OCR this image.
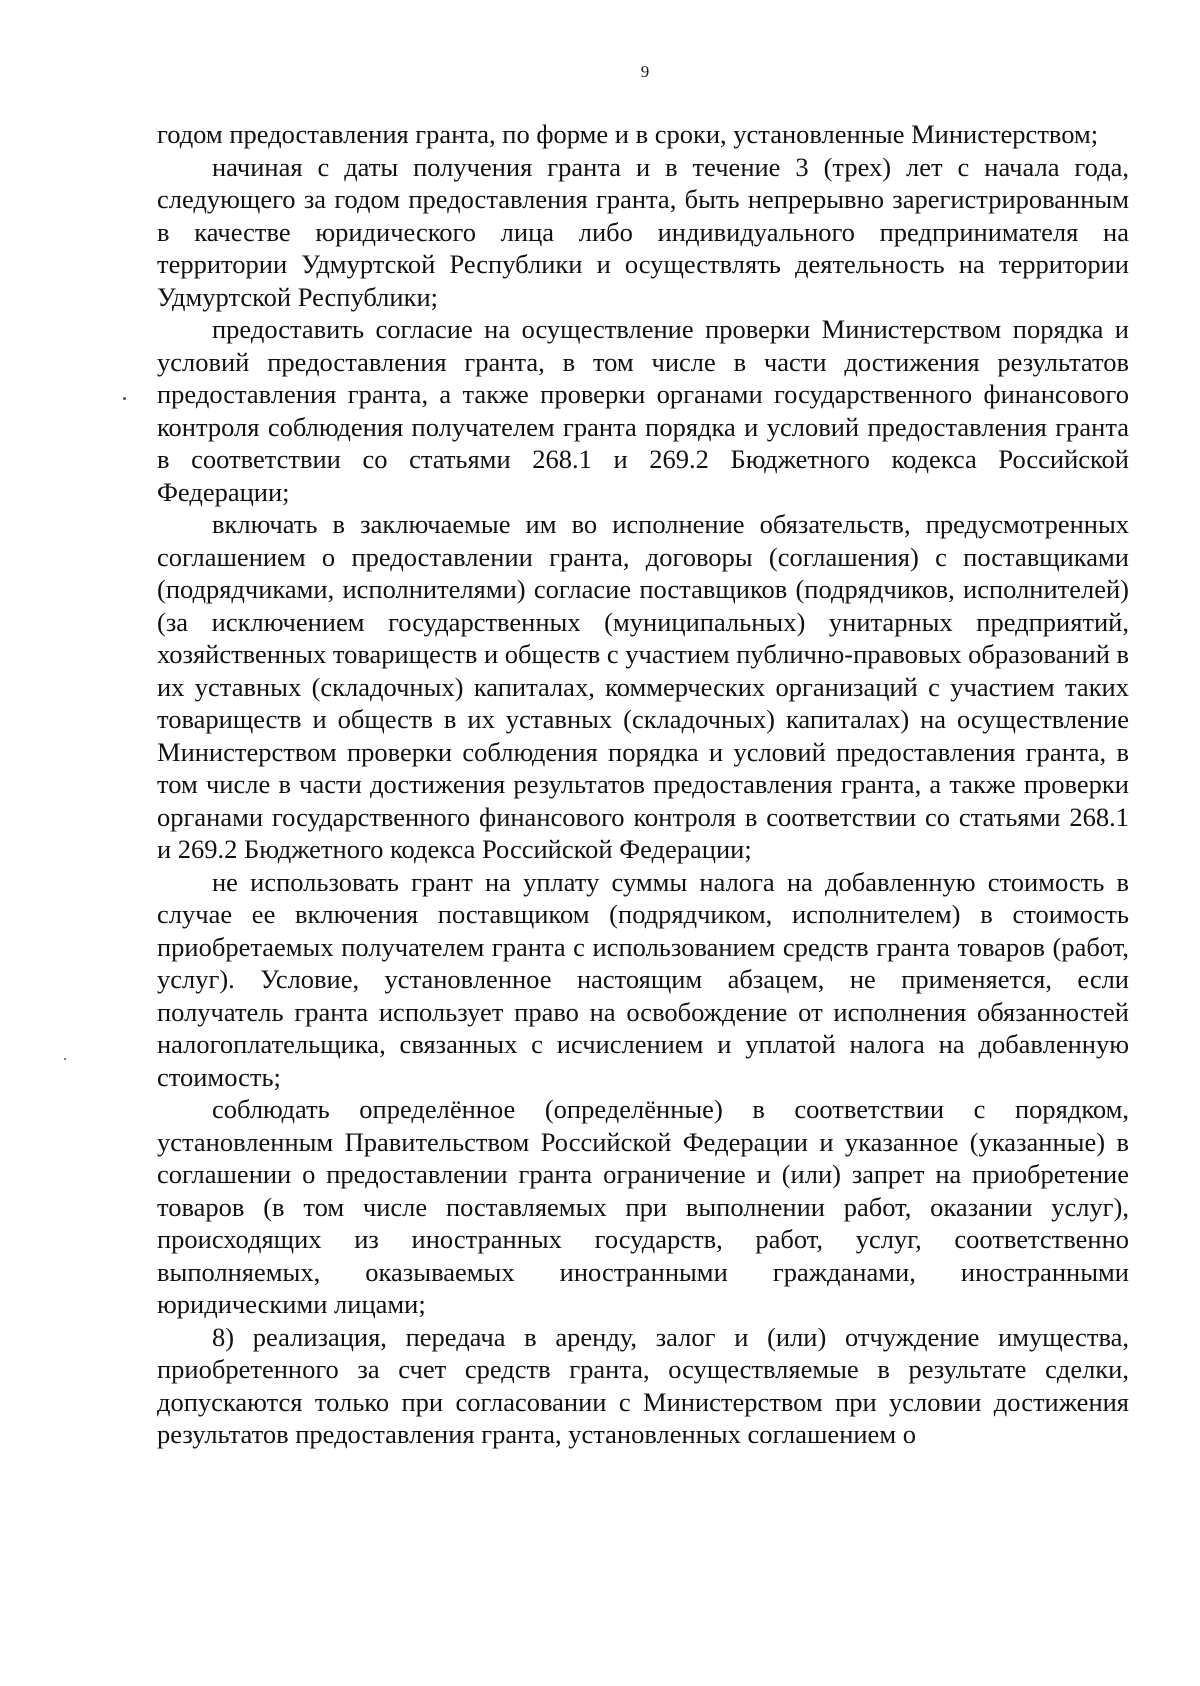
9

годом предоставления гранта, по форме и в сроки, установленные Министерством;

начиная с даты получения гранта и в течение 3 (трех) лет с начала года, следующего за годом предоставления гранта, быть непрерывно зарегистрированным в качестве юридического лица либо индивидуального предпринимателя на территории Удмуртской Республики и осуществлять деятельность на территории Удмуртской Республики;

предоставить согласие на осуществление проверки Министерством порядка и условий предоставления гранта, в том числе в части достижения результатов предоставления гранта, а также проверки органами государственного финансового контроля соблюдения получателем гранта порядка и условий предоставления гранта в соответствии со статьями 268.1 и 269.2 Бюджетного кодекса Российской Федерации;

включать в заключаемые им во исполнение обязательств, предусмотренных соглашением о предоставлении гранта, договоры (соглашения) с поставщиками (подрядчиками, исполнителями) согласие поставщиков (подрядчиков, исполнителей) (за исключением государственных (муниципальных) унитарных предприятий, хозяйственных товариществ и обществ с участием публично-правовых образований в их уставных (складочных) капиталах, коммерческих организаций с участием таких товариществ и обществ в их уставных (складочных) капиталах) на осуществление Министерством проверки соблюдения порядка и условий предоставления гранта, в том числе в части достижения результатов предоставления гранта, а также проверки органами государственного финансового контроля в соответствии со статьями 268.1 и 269.2 Бюджетного кодекса Российской Федерации;

не использовать грант на уплату суммы налога на добавленную стоимость в случае ее включения поставщиком (подрядчиком, исполнителем) в стоимость приобретаемых получателем гранта с использованием средств гранта товаров (работ, услуг). Условие, установленное настоящим абзацем, не применяется, если получатель гранта использует право на освобождение от исполнения обязанностей налогоплательщика, связанных с исчислением и уплатой налога на добавленную стоимость;

соблюдать определённое (определённые) в соответствии с порядком, установленным Правительством Российской Федерации и указанное (указанные) в соглашении о предоставлении гранта ограничение и (или) запрет на приобретение товаров (в том числе поставляемых при выполнении работ, оказании услуг), происходящих из иностранных государств, работ, услуг, соответственно выполняемых, оказываемых иностранными гражданами, иностранными юридическими лицами;

8) реализация, передача в аренду, залог и (или) отчуждение имущества, приобретенного за счет средств гранта, осуществляемые в результате сделки, допускаются только при согласовании с Министерством при условии достижения результатов предоставления гранта, установленных соглашением о
